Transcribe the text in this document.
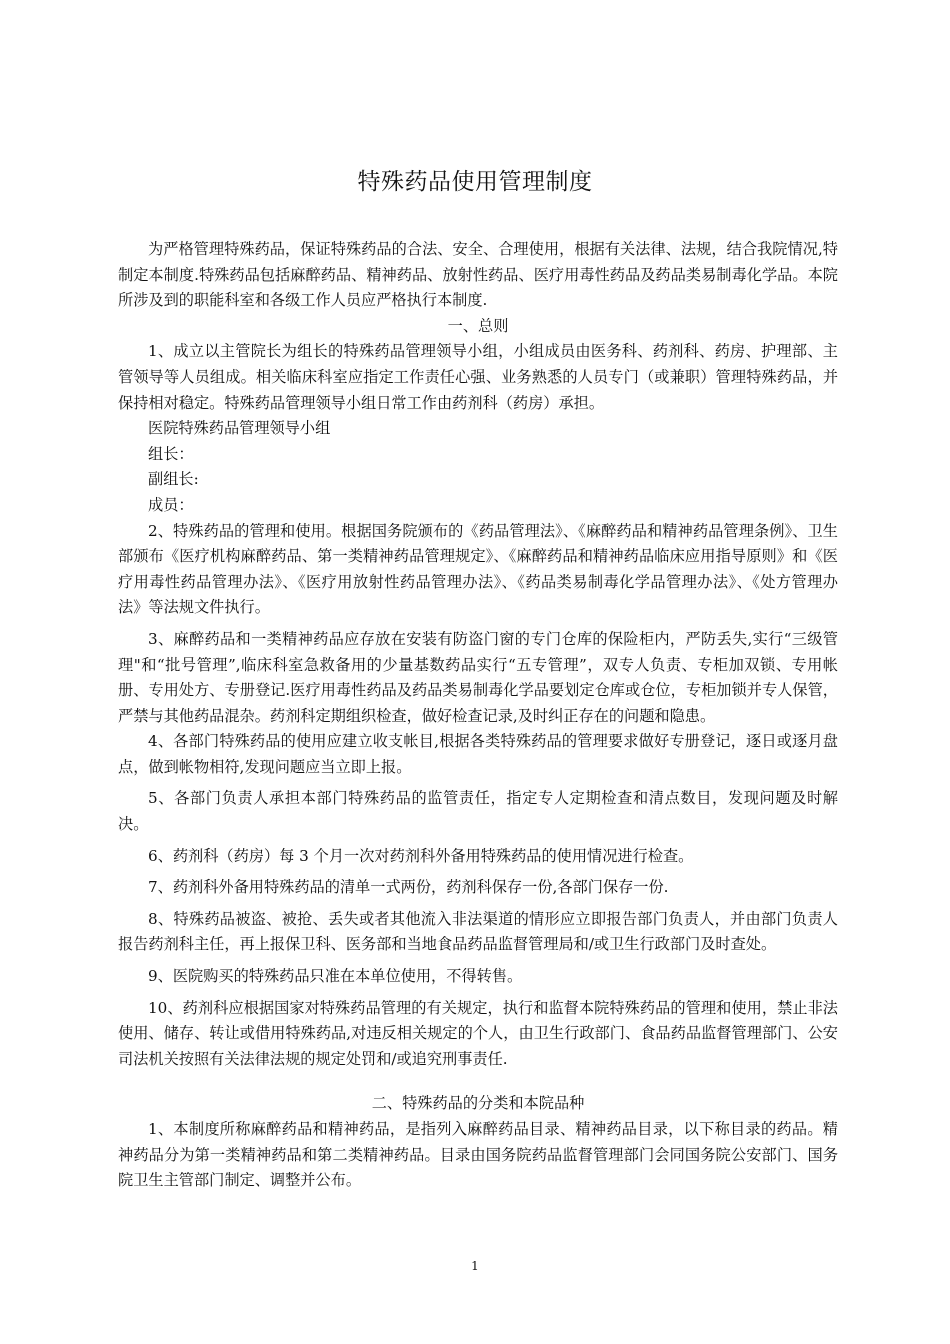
特殊药品使用管理制度

为严格管理特殊药品，保证特殊药品的合法、安全、合理使用，根据有关法律、法规，结合我院情况,特制定本制度.特殊药品包括麻醉药品、精神药品、放射性药品、医疗用毒性药品及药品类易制毒化学品。本院所涉及到的职能科室和各级工作人员应严格执行本制度.

一、总则

1、成立以主管院长为组长的特殊药品管理领导小组，小组成员由医务科、药剂科、药房、护理部、主管领导等人员组成。相关临床科室应指定工作责任心强、业务熟悉的人员专门（或兼职）管理特殊药品，并保持相对稳定。特殊药品管理领导小组日常工作由药剂科（药房）承担。

医院特殊药品管理领导小组

组长：

副组长:

成员：

2、特殊药品的管理和使用。根据国务院颁布的《药品管理法》、《麻醉药品和精神药品管理条例》、卫生部颁布《医疗机构麻醉药品、第一类精神药品管理规定》、《麻醉药品和精神药品临床应用指导原则》和《医疗用毒性药品管理办法》、《医疗用放射性药品管理办法》、《药品类易制毒化学品管理办法》、《处方管理办法》等法规文件执行。

3、麻醉药品和一类精神药品应存放在安装有防盗门窗的专门仓库的保险柜内，严防丢失,实行“三级管理"和“批号管理”,临床科室急救备用的少量基数药品实行“五专管理”，双专人负责、专柜加双锁、专用帐册、专用处方、专册登记.医疗用毒性药品及药品类易制毒化学品要划定仓库或仓位，专柜加锁并专人保管，严禁与其他药品混杂。药剂科定期组织检查，做好检查记录,及时纠正存在的问题和隐患。

4、各部门特殊药品的使用应建立收支帐目,根据各类特殊药品的管理要求做好专册登记，逐日或逐月盘点，做到帐物相符,发现问题应当立即上报。

5、各部门负责人承担本部门特殊药品的监管责任，指定专人定期检查和清点数目，发现问题及时解决。

6、药剂科（药房）每 3 个月一次对药剂科外备用特殊药品的使用情况进行检查。

7、药剂科外备用特殊药品的清单一式两份，药剂科保存一份,各部门保存一份.

8、特殊药品被盗、被抢、丢失或者其他流入非法渠道的情形应立即报告部门负责人，并由部门负责人报告药剂科主任，再上报保卫科、医务部和当地食品药品监督管理局和/或卫生行政部门及时查处。

9、医院购买的特殊药品只准在本单位使用，不得转售。

10、药剂科应根据国家对特殊药品管理的有关规定，执行和监督本院特殊药品的管理和使用，禁止非法使用、储存、转让或借用特殊药品,对违反相关规定的个人，由卫生行政部门、食品药品监督管理部门、公安司法机关按照有关法律法规的规定处罚和/或追究刑事责任.

二、特殊药品的分类和本院品种

1、本制度所称麻醉药品和精神药品，是指列入麻醉药品目录、精神药品目录，以下称目录的药品。精神药品分为第一类精神药品和第二类精神药品。目录由国务院药品监督管理部门会同国务院公安部门、国务院卫生主管部门制定、调整并公布。

1
